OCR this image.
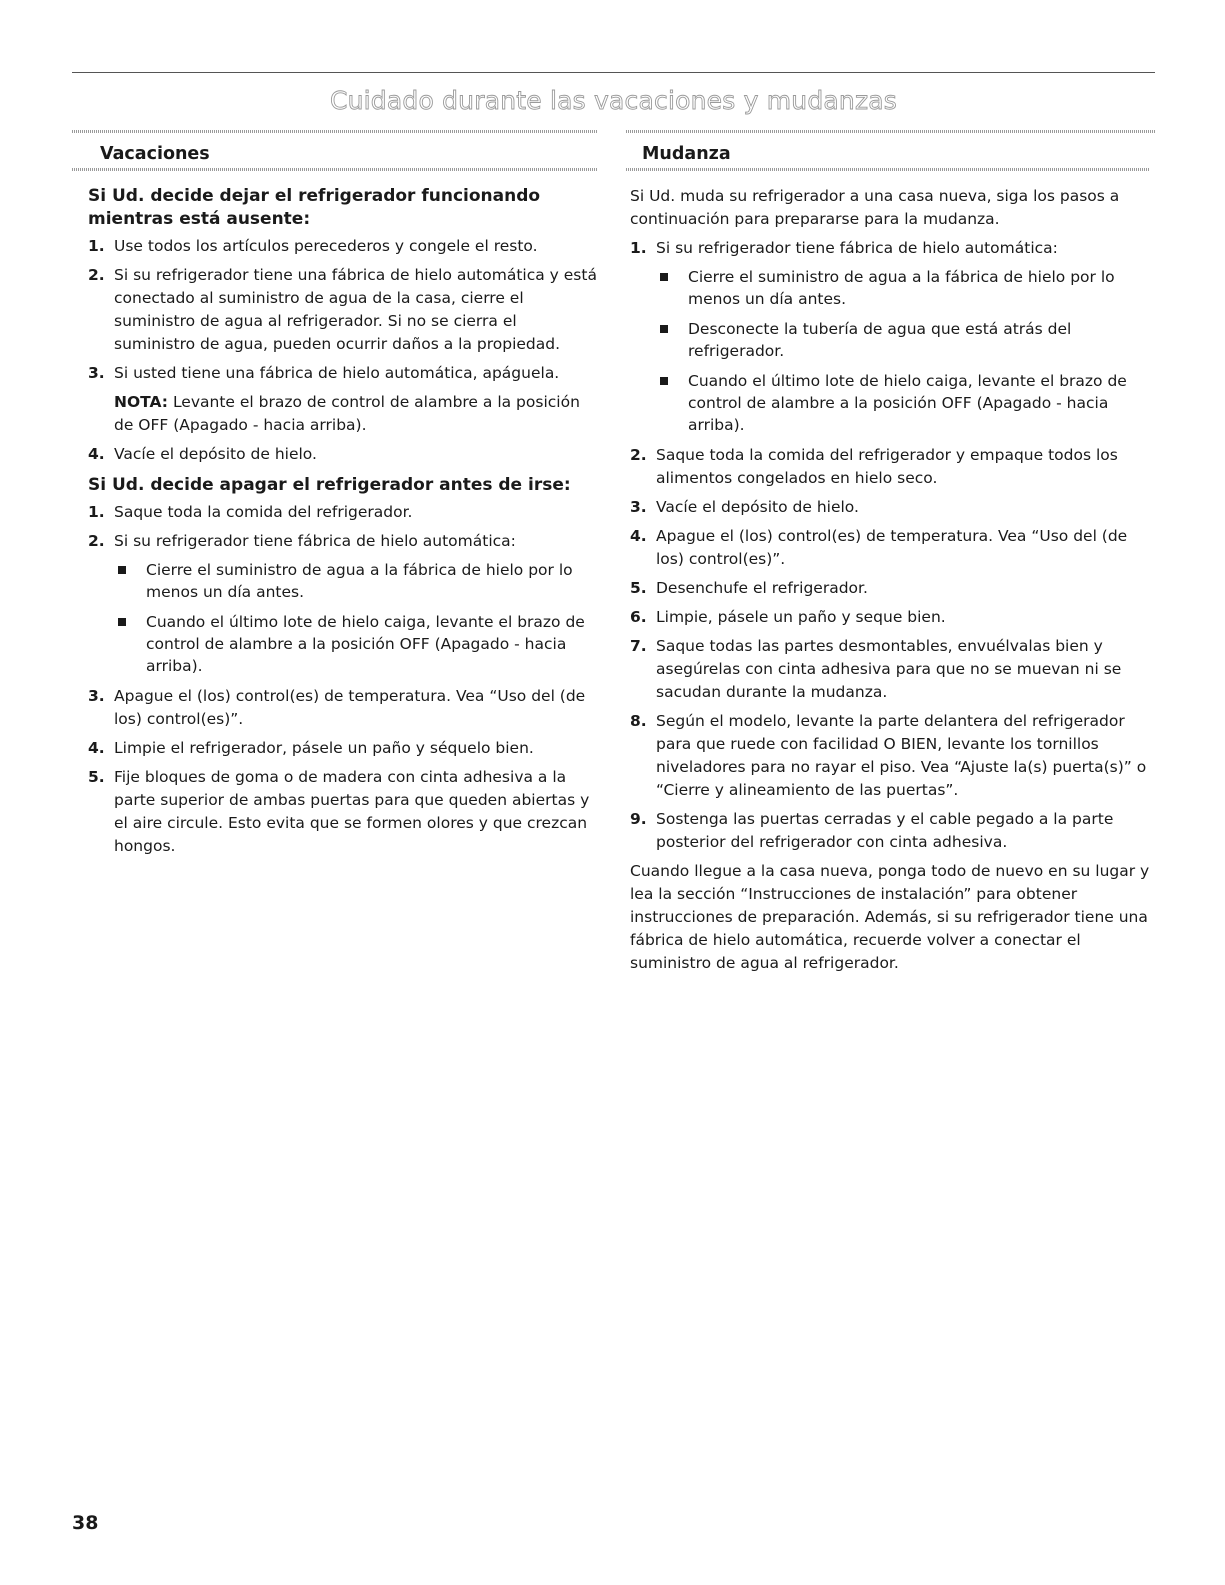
Cuidado durante las vacaciones y mudanzas
Vacaciones
Si Ud. decide dejar el refrigerador funcionando mientras está ausente:
1. Use todos los artículos perecederos y congele el resto.
2. Si su refrigerador tiene una fábrica de hielo automática y está conectado al suministro de agua de la casa, cierre el suministro de agua al refrigerador. Si no se cierra el suministro de agua, pueden ocurrir daños a la propiedad.
3. Si usted tiene una fábrica de hielo automática, apáguela.
NOTA: Levante el brazo de control de alambre a la posición de OFF (Apagado - hacia arriba).
4. Vacíe el depósito de hielo.
Si Ud. decide apagar el refrigerador antes de irse:
1. Saque toda la comida del refrigerador.
2. Si su refrigerador tiene fábrica de hielo automática:
Cierre el suministro de agua a la fábrica de hielo por lo menos un día antes.
Cuando el último lote de hielo caiga, levante el brazo de control de alambre a la posición OFF (Apagado - hacia arriba).
3. Apague el (los) control(es) de temperatura. Vea “Uso del (de los) control(es)”.
4. Limpie el refrigerador, pásele un paño y séquelo bien.
5. Fije bloques de goma o de madera con cinta adhesiva a la parte superior de ambas puertas para que queden abiertas y el aire circule. Esto evita que se formen olores y que crezcan hongos.
Mudanza

Si Ud. muda su refrigerador a una casa nueva, siga los pasos a continuación para prepararse para la mudanza.

1. Si su refrigerador tiene fábrica de hielo automática:
Cierre el suministro de agua a la fábrica de hielo por lo menos un día antes.
Desconecte la tubería de agua que está atrás del refrigerador.
Cuando el último lote de hielo caiga, levante el brazo de control de alambre a la posición OFF (Apagado - hacia arriba).
2. Saque toda la comida del refrigerador y empaque todos los alimentos congelados en hielo seco.
3. Vacíe el depósito de hielo.
4. Apague el (los) control(es) de temperatura. Vea “Uso del (de los) control(es)”.
5. Desenchufe el refrigerador.
6. Limpie, pásele un paño y seque bien.
7. Saque todas las partes desmontables, envuélvalas bien y asegúrelas con cinta adhesiva para que no se muevan ni se sacudan durante la mudanza.
8. Según el modelo, levante la parte delantera del refrigerador para que ruede con facilidad O BIEN, levante los tornillos niveladores para no rayar el piso. Vea “Ajuste la(s) puerta(s)” o “Cierre y alineamiento de las puertas”.
9. Sostenga las puertas cerradas y el cable pegado a la parte posterior del refrigerador con cinta adhesiva.

Cuando llegue a la casa nueva, ponga todo de nuevo en su lugar y lea la sección “Instrucciones de instalación” para obtener instrucciones de preparación. Además, si su refrigerador tiene una fábrica de hielo automática, recuerde volver a conectar el suministro de agua al refrigerador.

38
